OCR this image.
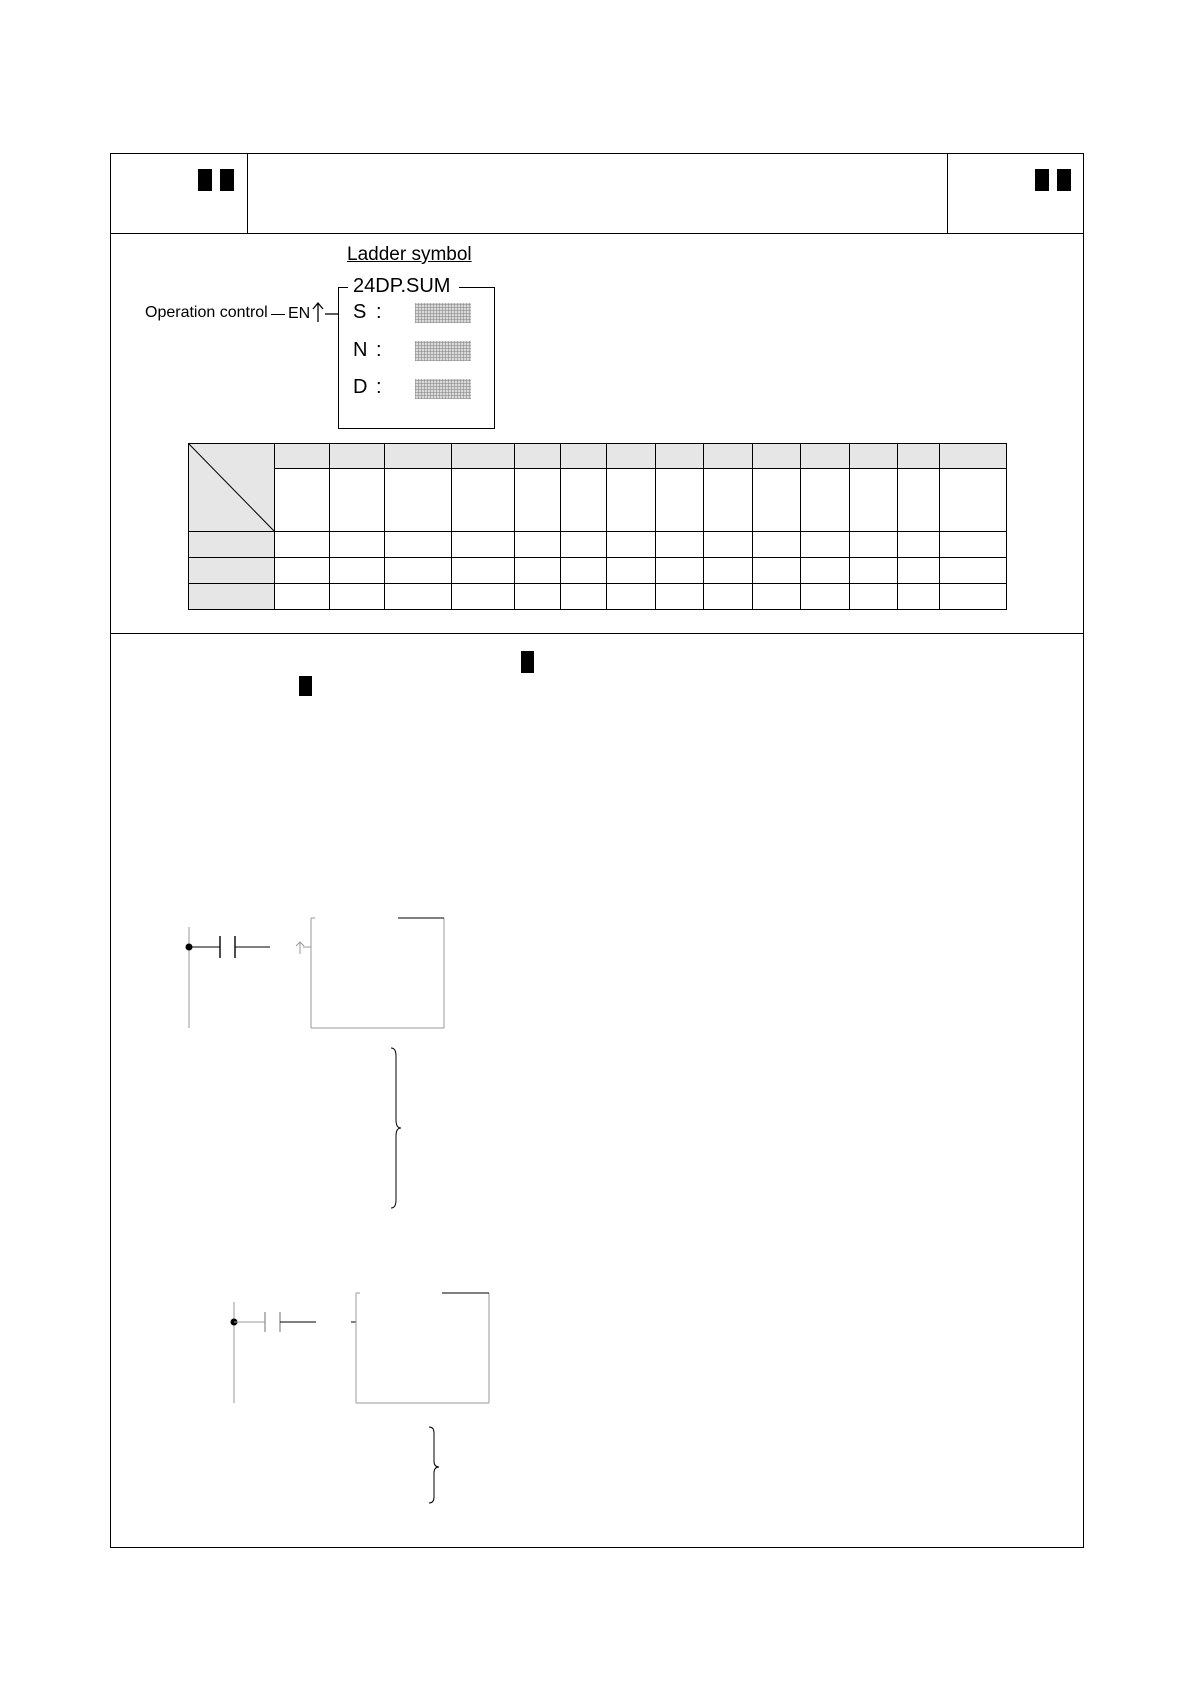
Ladder symbol
24DP.SUM
Operation control EN S :
N :
D :
